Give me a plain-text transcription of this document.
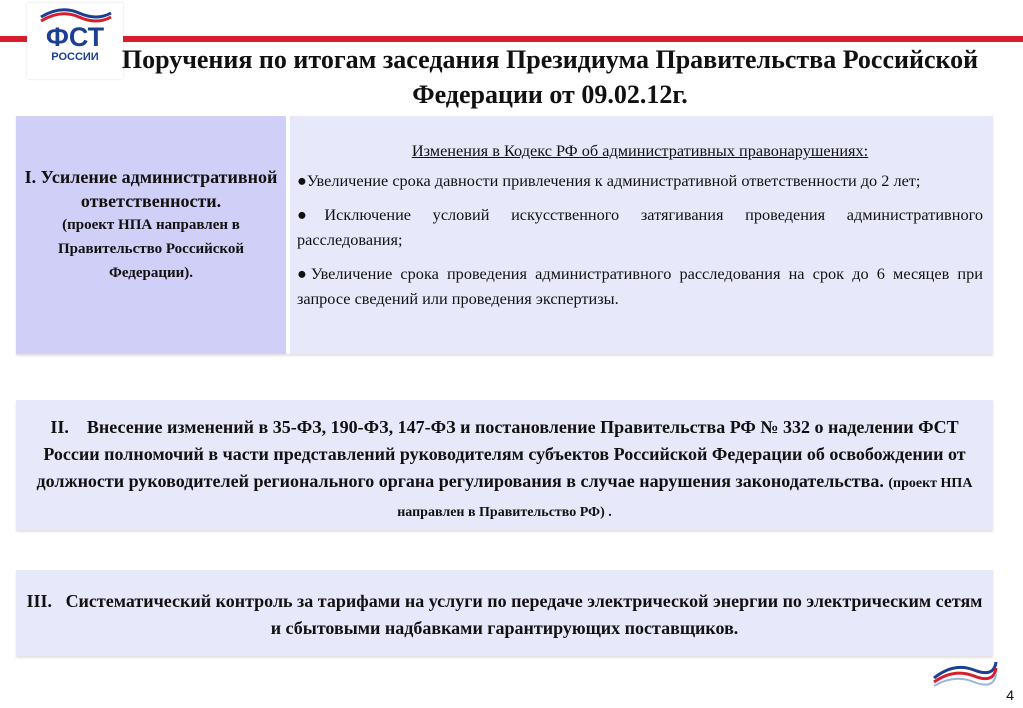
ФСТ
РОССИИ Поручения по итогам заседания Президиума Правительства Российской Федерации от 09.02.12г.
I. Усиление административной ответственности.
(проект НПА направлен в Правительство Российской Федерации).
Изменения в Кодекс РФ об административных правонарушениях:
●Увеличение срока давности привлечения к административной ответственности до 2 лет;
●Исключение условий искусственного затягивания проведения административного расследования;
●Увеличение срока проведения административного расследования на срок до 6 месяцев при запросе сведений или проведения экспертизы.
II. Внесение изменений в 35-ФЗ, 190-ФЗ, 147-ФЗ и постановление Правительства РФ № 332 о наделении ФСТ России полномочий в части представлений руководителям субъектов Российской Федерации об освобождении от должности руководителей регионального органа регулирования в случае нарушения законодательства. (проект НПА направлен в Правительство РФ) .
III. Систематический контроль за тарифами на услуги по передаче электрической энергии по электрическим сетям и сбытовыми надбавками гарантирующих поставщиков.
4
